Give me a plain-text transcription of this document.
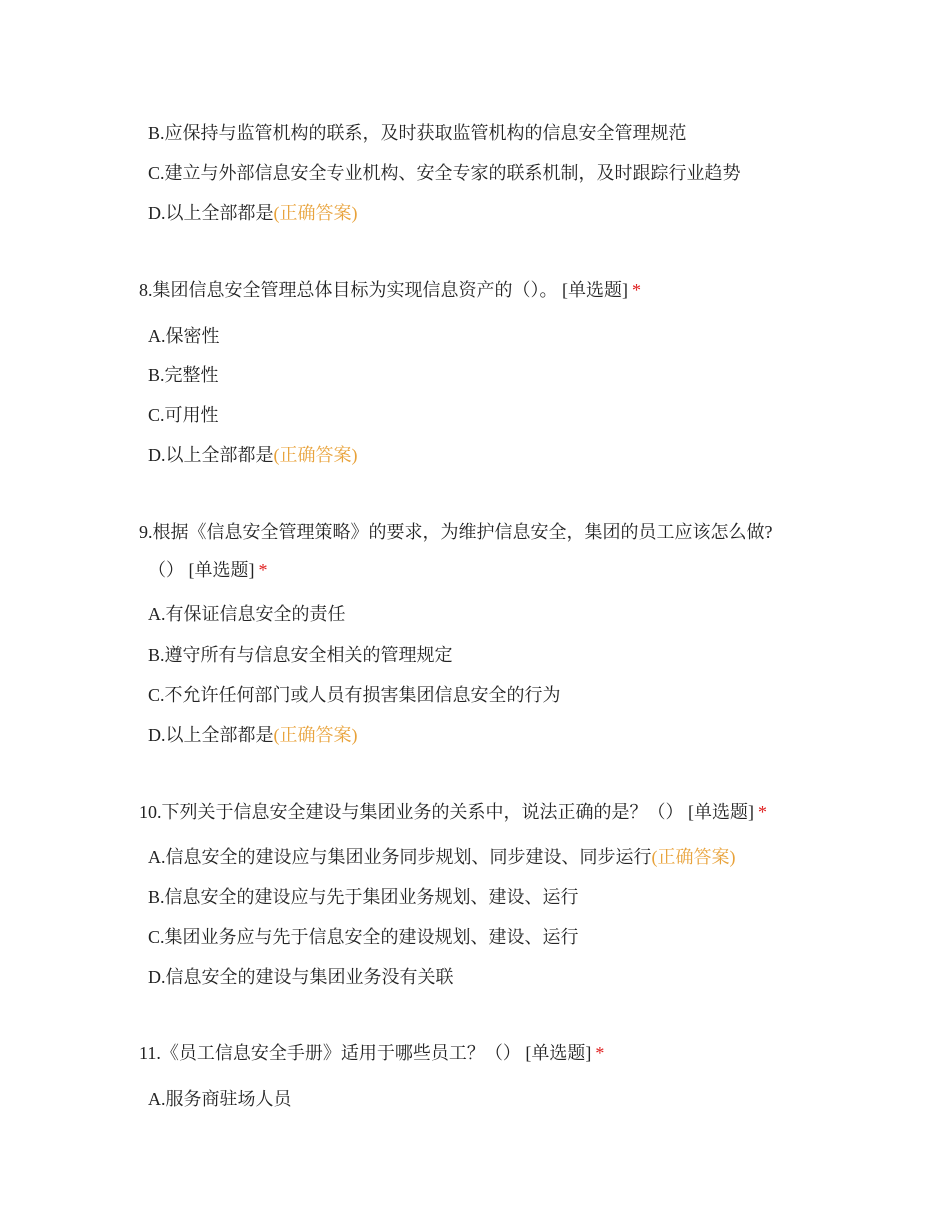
B.应保持与监管机构的联系，及时获取监管机构的信息安全管理规范
C.建立与外部信息安全专业机构、安全专家的联系机制，及时跟踪行业趋势
D.以上全部都是(正确答案)
8.集团信息安全管理总体目标为实现信息资产的（）。 [单选题] *
A.保密性
B.完整性
C.可用性
D.以上全部都是(正确答案)
9.根据《信息安全管理策略》的要求，为维护信息安全，集团的员工应该怎么做?
（） [单选题] *
A.有保证信息安全的责任
B.遵守所有与信息安全相关的管理规定
C.不允许任何部门或人员有损害集团信息安全的行为
D.以上全部都是(正确答案)
10.下列关于信息安全建设与集团业务的关系中，说法正确的是？（） [单选题] *
A.信息安全的建设应与集团业务同步规划、同步建设、同步运行(正确答案)
B.信息安全的建设应与先于集团业务规划、建设、运行
C.集团业务应与先于信息安全的建设规划、建设、运行
D.信息安全的建设与集团业务没有关联
11.《员工信息安全手册》适用于哪些员工？（） [单选题] *
A.服务商驻场人员
